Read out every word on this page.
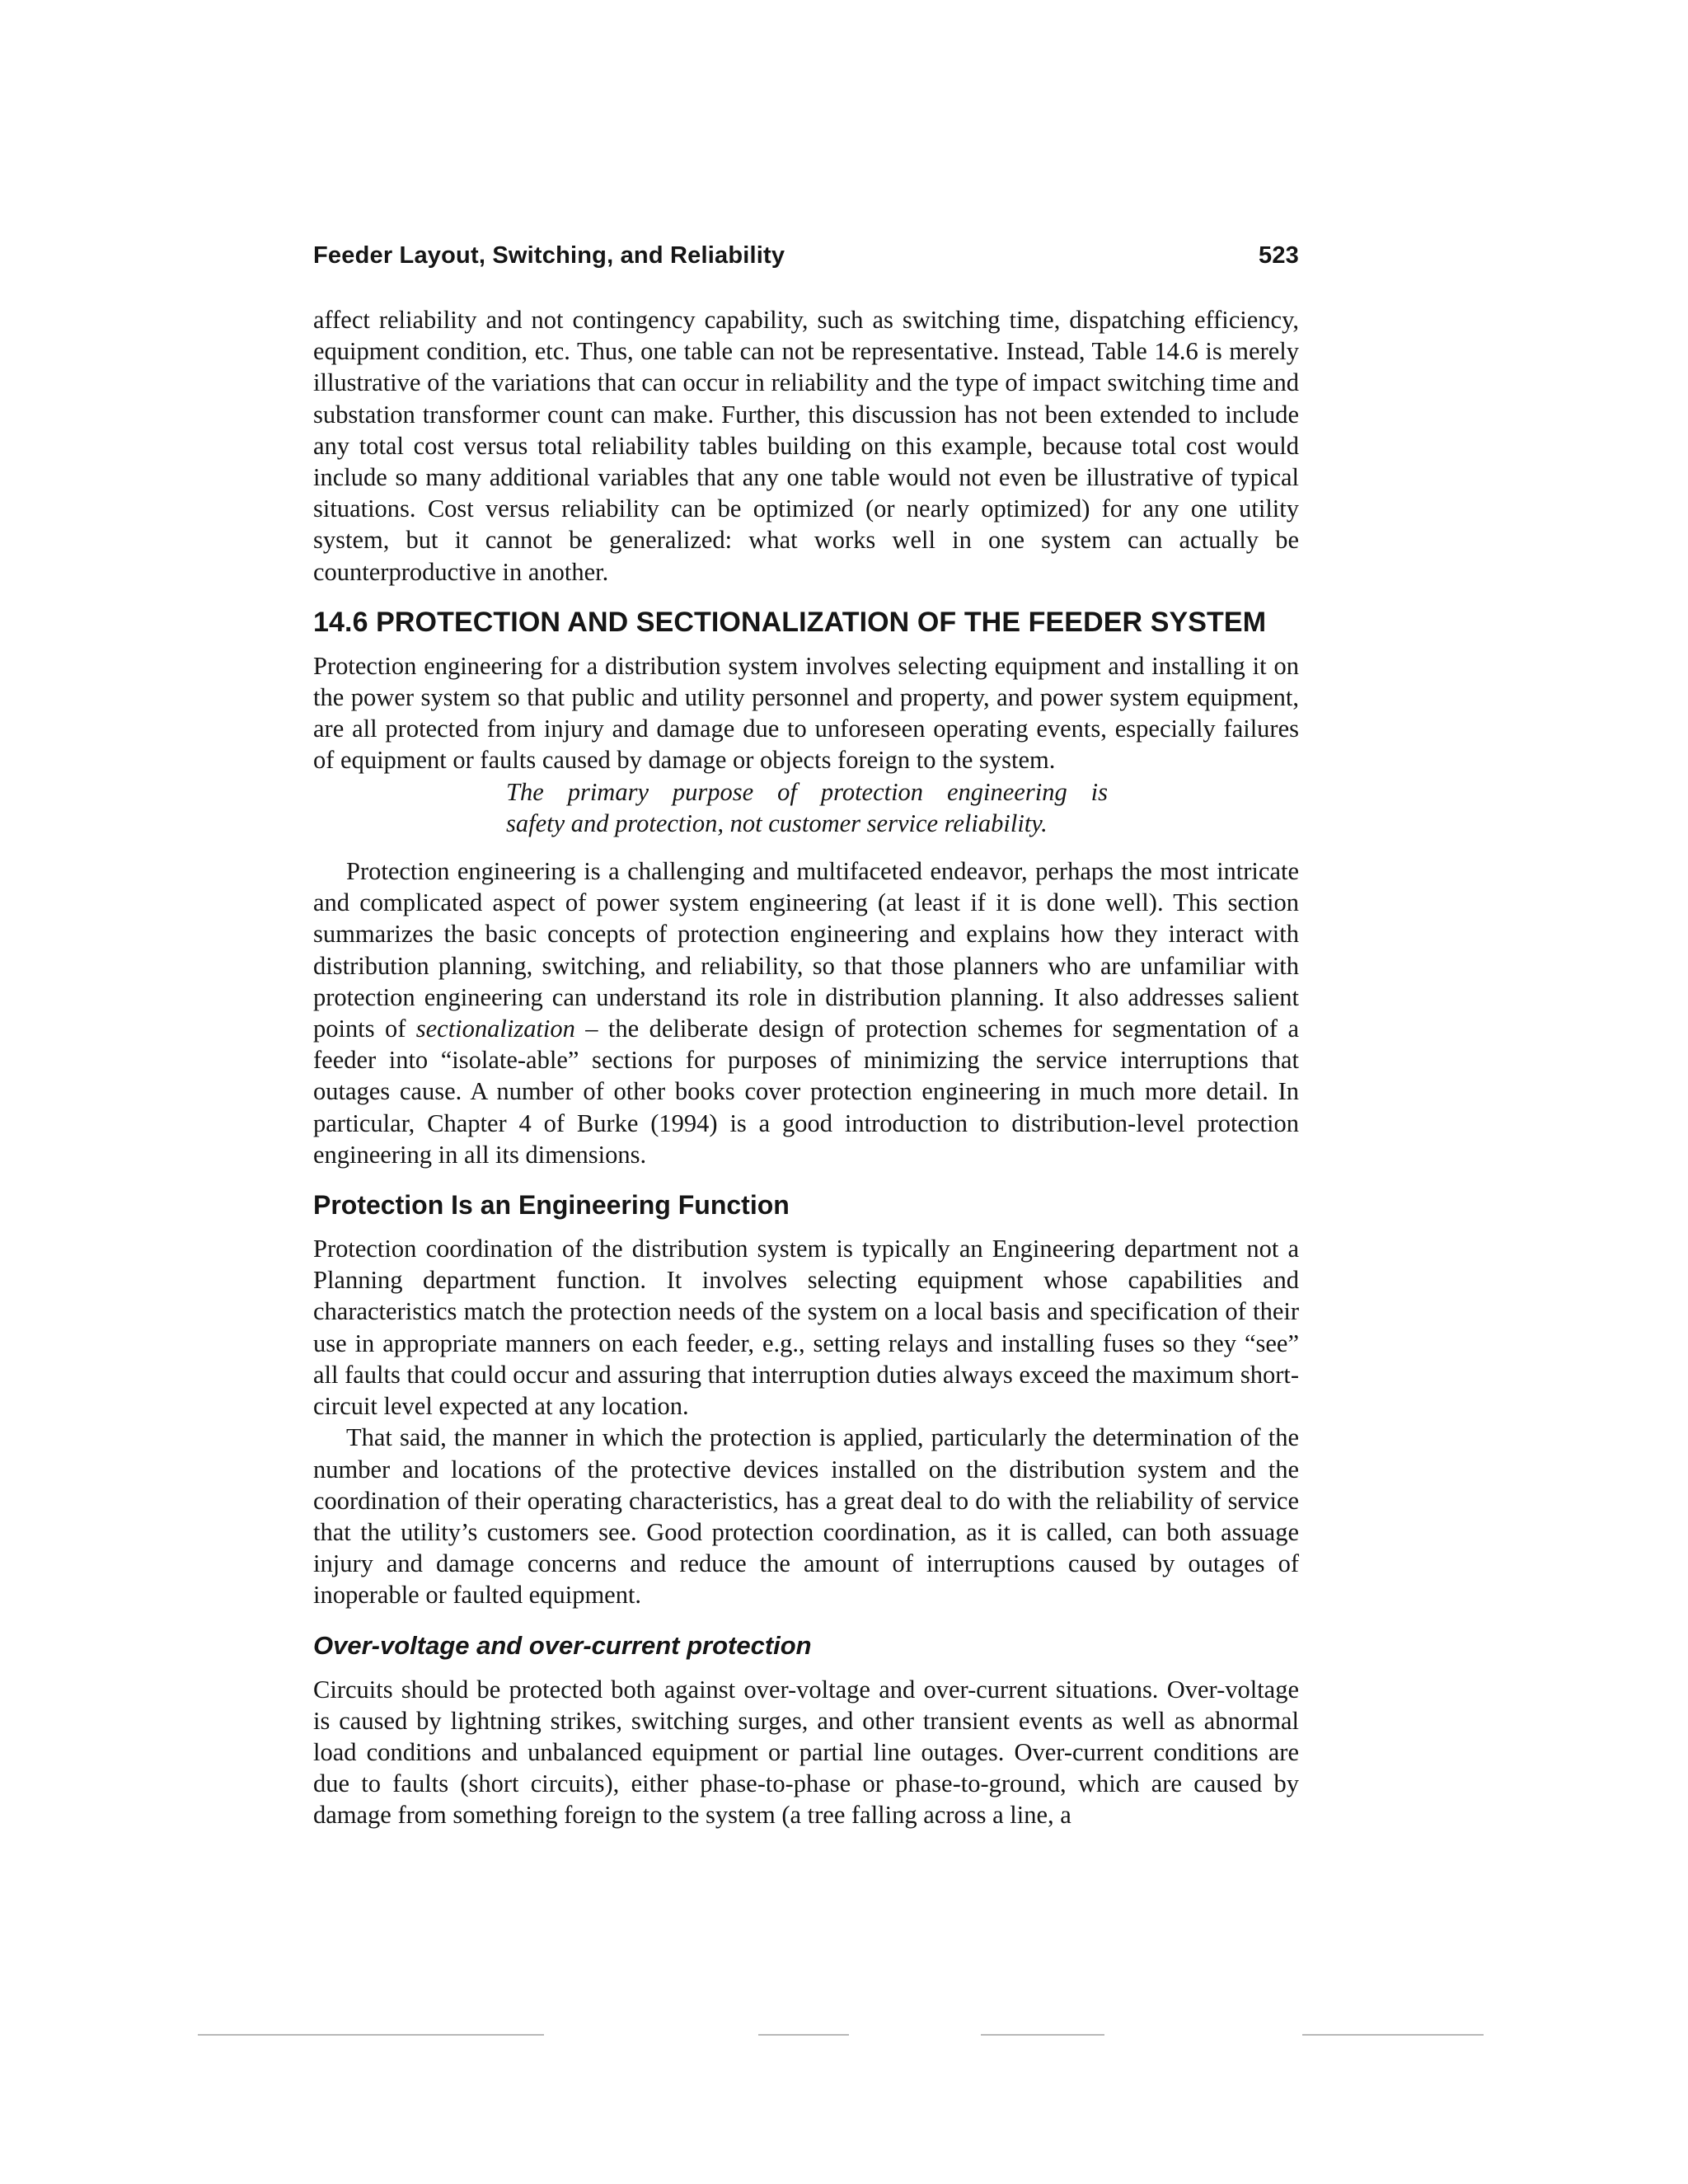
Feeder Layout, Switching, and Reliability	523

affect reliability and not contingency capability, such as switching time, dispatching efficiency, equipment condition, etc. Thus, one table can not be representative. Instead, Table 14.6 is merely illustrative of the variations that can occur in reliability and the type of impact switching time and substation transformer count can make. Further, this discussion has not been extended to include any total cost versus total reliability tables building on this example, because total cost would include so many additional variables that any one table would not even be illustrative of typical situations. Cost versus reliability can be optimized (or nearly optimized) for any one utility system, but it cannot be generalized: what works well in one system can actually be counterproductive in another.

14.6 PROTECTION AND SECTIONALIZATION OF THE FEEDER SYSTEM

Protection engineering for a distribution system involves selecting equipment and installing it on the power system so that public and utility personnel and property, and power system equipment, are all protected from injury and damage due to unforeseen operating events, especially failures of equipment or faults caused by damage or objects foreign to the system.

The primary purpose of protection engineering is
safety and protection, not customer service reliability.

Protection engineering is a challenging and multifaceted endeavor, perhaps the most intricate and complicated aspect of power system engineering (at least if it is done well). This section summarizes the basic concepts of protection engineering and explains how they interact with distribution planning, switching, and reliability, so that those planners who are unfamiliar with protection engineering can understand its role in distribution planning. It also addresses salient points of sectionalization – the deliberate design of protection schemes for segmentation of a feeder into “isolate-able” sections for purposes of minimizing the service interruptions that outages cause. A number of other books cover protection engineering in much more detail. In particular, Chapter 4 of Burke (1994) is a good introduction to distribution-level protection engineering in all its dimensions.

Protection Is an Engineering Function

Protection coordination of the distribution system is typically an Engineering department not a Planning department function. It involves selecting equipment whose capabilities and characteristics match the protection needs of the system on a local basis and specification of their use in appropriate manners on each feeder, e.g., setting relays and installing fuses so they “see” all faults that could occur and assuring that interruption duties always exceed the maximum short-circuit level expected at any location.

That said, the manner in which the protection is applied, particularly the determination of the number and locations of the protective devices installed on the distribution system and the coordination of their operating characteristics, has a great deal to do with the reliability of service that the utility’s customers see. Good protection coordination, as it is called, can both assuage injury and damage concerns and reduce the amount of interruptions caused by outages of inoperable or faulted equipment.

Over-voltage and over-current protection

Circuits should be protected both against over-voltage and over-current situations. Over-voltage is caused by lightning strikes, switching surges, and other transient events as well as abnormal load conditions and unbalanced equipment or partial line outages. Over-current conditions are due to faults (short circuits), either phase-to-phase or phase-to-ground, which are caused by damage from something foreign to the system (a tree falling across a line, a
